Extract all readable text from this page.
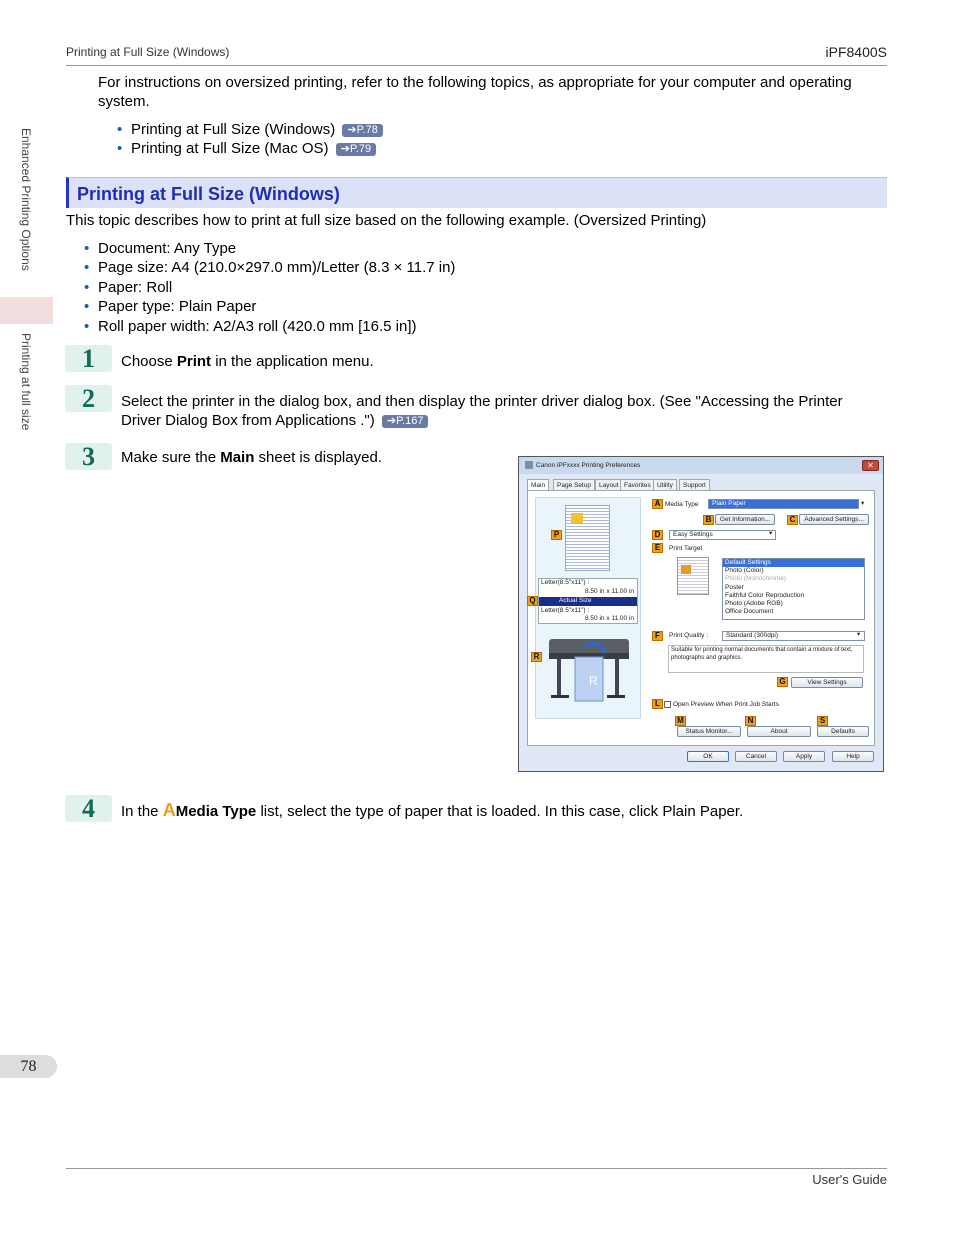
Printing at Full Size (Windows)	iPF8400S
User's Guide
Enhanced Printing Options
Printing at full size
78

For instructions on oversized printing, refer to the following topics, as appropriate for your computer and operating system.

• Printing at Full Size (Windows) ➔P.78
• Printing at Full Size (Mac OS) ➔P.79
Printing at Full Size (Windows)

This topic describes how to print at full size based on the following example. (Oversized Printing)

• Document: Any Type
• Page size: A4 (210.0×297.0 mm)/Letter (8.3 × 11.7 in)
• Paper: Roll
• Paper type: Plain Paper
• Roll paper width: A2/A3 roll (420.0 mm [16.5 in])
1	Choose Print in the application menu.
2	Select the printer in the dialog box, and then display the printer driver dialog box. (See "Accessing the Printer Driver Dialog Box from Applications .") ➔P.167
3	Make sure the Main sheet is displayed.
4	In the AMedia Type list, select the type of paper that is loaded. In this case, click Plain Paper.
Canon iPFxxxx Printing Preferences	✕
Main	Page Setup	Layout Favorites Utility	Support
P
Letter(8.5"x11") :
8.50 in x 11.00 in
Actual Size
Letter(8.5"x11") :
8.50 in x 11.00 in
Q
R
R
A Media Type	Plain Paper	▾
B	Get Information...	C	Advanced Settings...
D	Easy Settings	▾
E	Print Target
Default Settings
Photo (Color)
Photo (Monochrome)
Poster
Faithful Color Reproduction
Photo (Adobe RGB)
Office Document
F	Print Quality :	Standard (300dpi)	▾
Suitable for printing normal documents that contain a mixture of text, photographs and graphics.
G	View Settings
L	Open Preview When Print Job Starts
M	N	S
Status Monitor...	About	Defaults
OK	Cancel	Apply	Help
